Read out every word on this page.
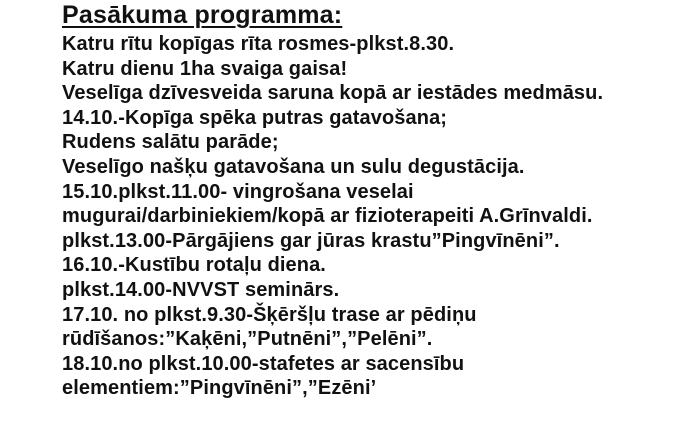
Pasākuma programma:
Katru rītu kopīgas rīta rosmes-plkst.8.30.
Katru dienu 1ha svaiga gaisa!
Veselīga dzīvesveida saruna kopā ar iestādes medmāsu.
14.10.-Kopīga spēka putras gatavošana;
Rudens salātu parāde;
Veselīgo našķu gatavošana un sulu degustācija.
15.10.plkst.11.00- vingrošana veselai
mugurai/darbiniekiem/kopā ar fizioterapeiti A.Grīnvaldi.
plkst.13.00-Pārgājiens gar jūras krastu”Pingvīnēni”.
16.10.-Kustību rotaļu diena.
plkst.14.00-NVVST seminārs.
17.10. no plkst.9.30-Šķēršļu trase ar pēdiņu
rūdīšanos:”Kaķēni,”Putnēni”,”Pelēni”.
18.10.no plkst.10.00-stafetes ar sacensību
elementiem:”Pingvīnēni”,”Ezēni’
